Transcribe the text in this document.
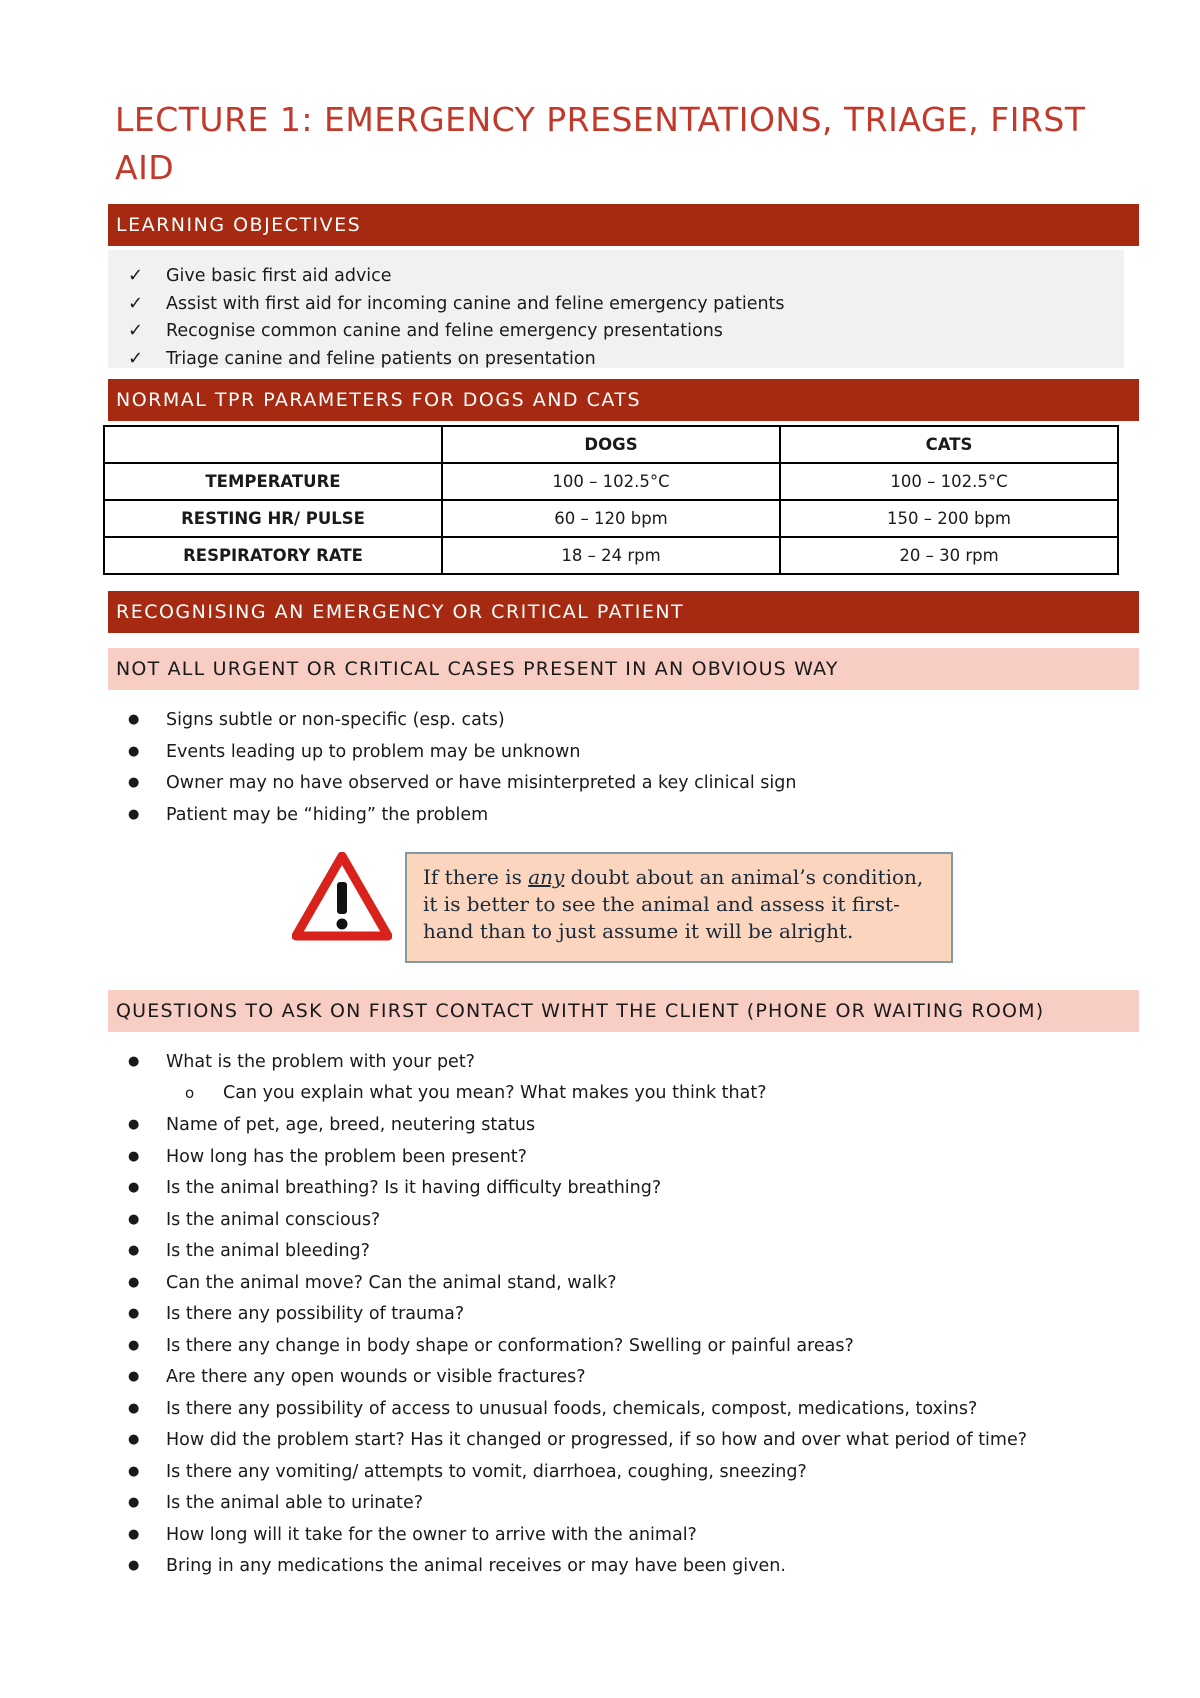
LECTURE 1: EMERGENCY PRESENTATIONS, TRIAGE, FIRST AID
LEARNING OBJECTIVES
✓ Give basic first aid advice
✓ Assist with first aid for incoming canine and feline emergency patients
✓ Recognise common canine and feline emergency presentations
✓ Triage canine and feline patients on presentation
NORMAL TPR PARAMETERS FOR DOGS AND CATS
	DOGS	CATS
TEMPERATURE	100 – 102.5°C	100 – 102.5°C
RESTING HR/ PULSE	60 – 120 bpm	150 – 200 bpm
RESPIRATORY RATE	18 – 24 rpm	20 – 30 rpm
RECOGNISING AN EMERGENCY OR CRITICAL PATIENT
NOT ALL URGENT OR CRITICAL CASES PRESENT IN AN OBVIOUS WAY
● Signs subtle or non-specific (esp. cats)
● Events leading up to problem may be unknown
● Owner may no have observed or have misinterpreted a key clinical sign
● Patient may be “hiding” the problem
If there is any doubt about an animal’s condition, it is better to see the animal and assess it first-hand than to just assume it will be alright.
QUESTIONS TO ASK ON FIRST CONTACT WITHT THE CLIENT (PHONE OR WAITING ROOM)
● What is the problem with your pet?
o Can you explain what you mean? What makes you think that?
● Name of pet, age, breed, neutering status
● How long has the problem been present?
● Is the animal breathing? Is it having difficulty breathing?
● Is the animal conscious?
● Is the animal bleeding?
● Can the animal move? Can the animal stand, walk?
● Is there any possibility of trauma?
● Is there any change in body shape or conformation? Swelling or painful areas?
● Are there any open wounds or visible fractures?
● Is there any possibility of access to unusual foods, chemicals, compost, medications, toxins?
● How did the problem start? Has it changed or progressed, if so how and over what period of time?
● Is there any vomiting/ attempts to vomit, diarrhoea, coughing, sneezing?
● Is the animal able to urinate?
● How long will it take for the owner to arrive with the animal?
● Bring in any medications the animal receives or may have been given.
